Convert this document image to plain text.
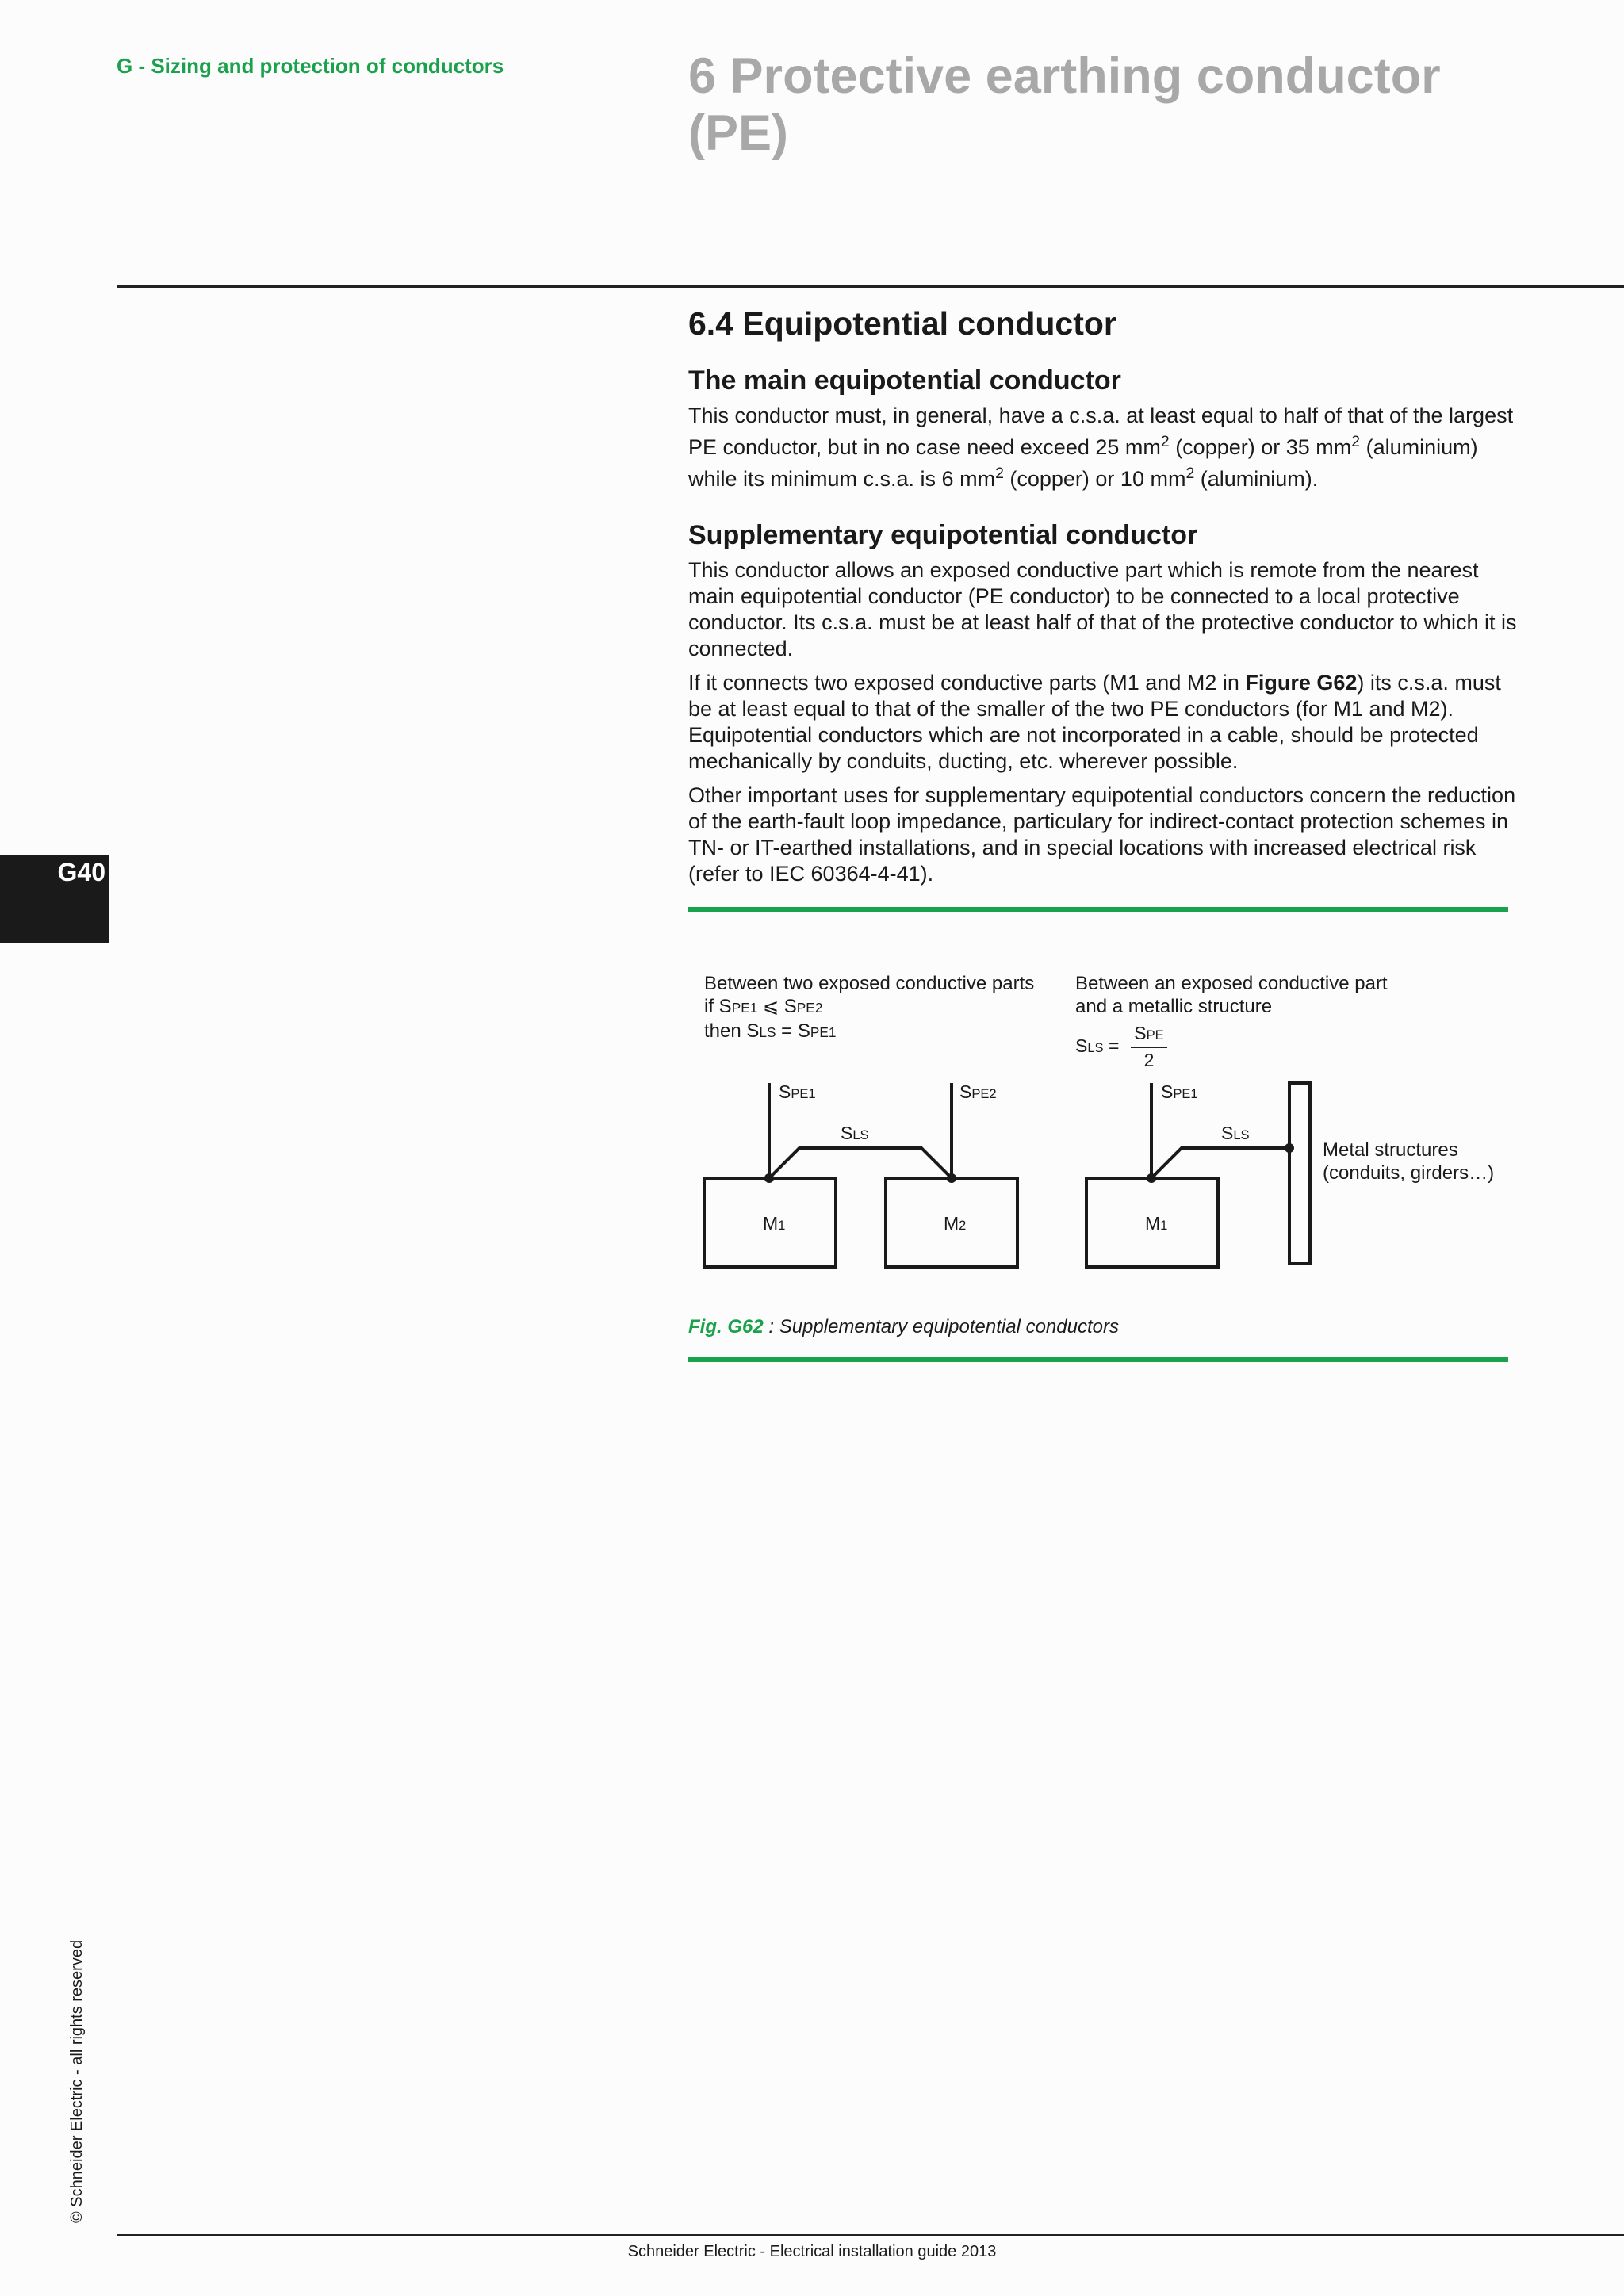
G - Sizing and protection of conductors	6 Protective earthing conductor (PE)
G40
6.4 Equipotential conductor
The main equipotential conductor

This conductor must, in general, have a c.s.a. at least equal to half of that of the largest PE conductor, but in no case need exceed 25 $mm^2$ (copper) or 35 $mm^2$ (aluminium) while its minimum c.s.a. is 6 $mm^2$ (copper) or 10 $mm^2$ (aluminium).

Supplementary equipotential conductor

This conductor allows an exposed conductive part which is remote from the nearest main equipotential conductor (PE conductor) to be connected to a local protective conductor. Its c.s.a. must be at least half of that of the protective conductor to which it is connected.

If it connects two exposed conductive parts (M1 and M2 in Figure G62) its c.s.a. must be at least equal to that of the smaller of the two PE conductors (for M1 and M2). Equipotential conductors which are not incorporated in a cable, should be protected mechanically by conduits, ducting, etc. wherever possible.

Other important uses for supplementary equipotential conductors concern the reduction of the earth-fault loop impedance, particulary for indirect-contact protection schemes in TN- or IT-earthed installations, and in special locations with increased electrical risk (refer to IEC 60364-4-41).

Between two exposed conductive parts
if SPE1 ⩽ SPE2
then SLS = SPE1
Between an exposed conductive part
and a metallic structure
SLS =
SPE
2
SPE1	SPE2
SLS
M1	M2
SPE1
SLS
M1
Metal structures
(conduits, girders…)
Fig. G62 : Supplementary equipotential conductors
© Schneider Electric - all rights reserved
Schneider Electric - Electrical installation guide 2013
